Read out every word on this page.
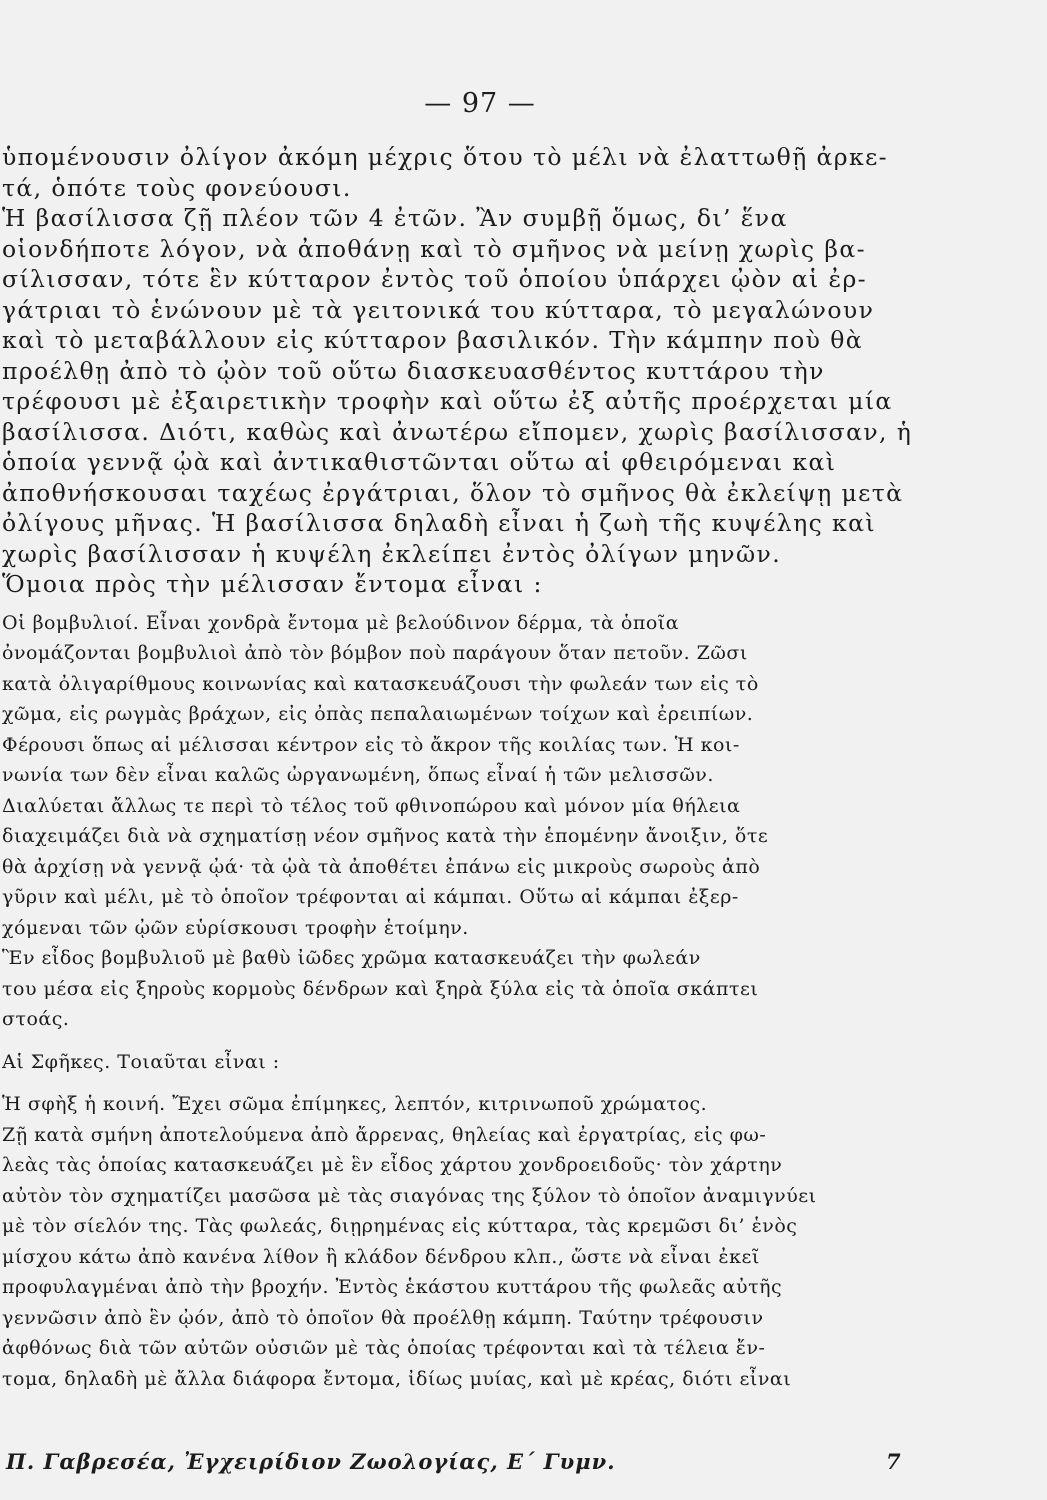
— 97 —
ὑπομένουσιν ὀλίγον ἀκόμη μέχρις ὅτου τὸ μέλι νὰ ἐλαττωθῇ ἀρκε-
τά, ὁπότε τοὺς φονεύουσι.
Ἡ βασίλισσα ζῇ πλέον τῶν 4 ἐτῶν. Ἂν συμβῇ ὅμως, δι’ ἕνα
οἱονδήποτε λόγον, νὰ ἀποθάνῃ καὶ τὸ σμῆνος νὰ μείνῃ χωρὶς βα-
σίλισσαν, τότε ἓν κύτταρον ἐντὸς τοῦ ὁποίου ὑπάρχει ᾠὸν αἱ ἐρ-
γάτριαι τὸ ἑνώνουν μὲ τὰ γειτονικά του κύτταρα, τὸ μεγαλώνουν
καὶ τὸ μεταβάλλουν εἰς κύτταρον βασιλικόν. Τὴν κάμπην ποὺ θὰ
προέλθῃ ἀπὸ τὸ ᾠὸν τοῦ οὕτω διασκευασθέντος κυττάρου τὴν
τρέφουσι μὲ ἐξαιρετικὴν τροφὴν καὶ οὕτω ἐξ αὐτῆς προέρχεται μία
βασίλισσα. Διότι, καθὼς καὶ ἀνωτέρω εἴπομεν, χωρὶς βασίλισσαν, ἡ
ὁποία γεννᾷ ᾠὰ καὶ ἀντικαθιστῶνται οὕτω αἱ φθειρόμεναι καὶ
ἀποθνήσκουσαι ταχέως ἐργάτριαι, ὅλον τὸ σμῆνος θὰ ἐκλείψῃ μετὰ
ὀλίγους μῆνας. Ἡ βασίλισσα δηλαδὴ εἶναι ἡ ζωὴ τῆς κυψέλης καὶ
χωρὶς βασίλισσαν ἡ κυψέλη ἐκλείπει ἐντὸς ὀλίγων μηνῶν.
Ὅμοια πρὸς τὴν μέλισσαν ἔντομα εἶναι :
Οἱ βομβυλιοί. Εἶναι χονδρὰ ἔντομα μὲ βελούδινον δέρμα, τὰ ὁποῖα
ὀνομάζονται βομβυλιοὶ ἀπὸ τὸν βόμβον ποὺ παράγουν ὅταν πετοῦν. Ζῶσι
κατὰ ὀλιγαρίθμους κοινωνίας καὶ κατασκευάζουσι τὴν φωλεάν των εἰς τὸ
χῶμα, εἰς ρωγμὰς βράχων, εἰς ὀπὰς πεπαλαιωμένων τοίχων καὶ ἐρειπίων.
Φέρουσι ὅπως αἱ μέλισσαι κέντρον εἰς τὸ ἄκρον τῆς κοιλίας των. Ἡ κοι-
νωνία των δὲν εἶναι καλῶς ὠργανωμένη, ὅπως εἶναί ἡ τῶν μελισσῶν.
Διαλύεται ἄλλως τε περὶ τὸ τέλος τοῦ φθινοπώρου καὶ μόνον μία θήλεια
διαχειμάζει διὰ νὰ σχηματίσῃ νέον σμῆνος κατὰ τὴν ἑπομένην ἄνοιξιν, ὅτε
θὰ ἀρχίσῃ νὰ γεννᾷ ᾠά· τὰ ᾠὰ τὰ ἀποθέτει ἐπάνω εἰς μικροὺς σωροὺς ἀπὸ
γῦριν καὶ μέλι, μὲ τὸ ὁποῖον τρέφονται αἱ κάμπαι. Οὕτω αἱ κάμπαι ἐξερ-
χόμεναι τῶν ᾠῶν εὑρίσκουσι τροφὴν ἑτοίμην.
Ἓν εἶδος βομβυλιοῦ μὲ βαθὺ ἰῶδες χρῶμα κατασκευάζει τὴν φωλεάν
του μέσα εἰς ξηροὺς κορμοὺς δένδρων καὶ ξηρὰ ξύλα εἰς τὰ ὁποῖα σκάπτει
στοάς.
Αἱ Σφῆκες. Τοιαῦται εἶναι :
Ἡ σφὴξ ἡ κοινή. Ἔχει σῶμα ἐπίμηκες, λεπτόν, κιτρινωποῦ χρώματος.
Ζῇ κατὰ σμήνη ἀποτελούμενα ἀπὸ ἄρρενας, θηλείας καὶ ἐργατρίας, εἰς φω-
λεὰς τὰς ὁποίας κατασκευάζει μὲ ἓν εἶδος χάρτου χονδροειδοῦς· τὸν χάρτην
αὐτὸν τὸν σχηματίζει μασῶσα μὲ τὰς σιαγόνας της ξύλον τὸ ὁποῖον ἀναμιγνύει
μὲ τὸν σίελόν της. Τὰς φωλεάς, διῃρημένας εἰς κύτταρα, τὰς κρεμῶσι δι’ ἑνὸς
μίσχου κάτω ἀπὸ κανένα λίθον ἢ κλάδον δένδρου κλπ., ὥστε νὰ εἶναι ἐκεῖ
προφυλαγμέναι ἀπὸ τὴν βροχήν. Ἐντὸς ἑκάστου κυττάρου τῆς φωλεᾶς αὐτῆς
γεννῶσιν ἀπὸ ἓν ᾠόν, ἀπὸ τὸ ὁποῖον θὰ προέλθῃ κάμπη. Ταύτην τρέφουσιν
ἀφθόνως διὰ τῶν αὐτῶν οὐσιῶν μὲ τὰς ὁποίας τρέφονται καὶ τὰ τέλεια ἔν-
τομα, δηλαδὴ μὲ ἄλλα διάφορα ἔντομα, ἰδίως μυίας, καὶ μὲ κρέας, διότι εἶναι
Π. Γαβρεσέα, Ἐγχειρίδιον Ζωολογίας, Ε΄ Γυμν.	7
